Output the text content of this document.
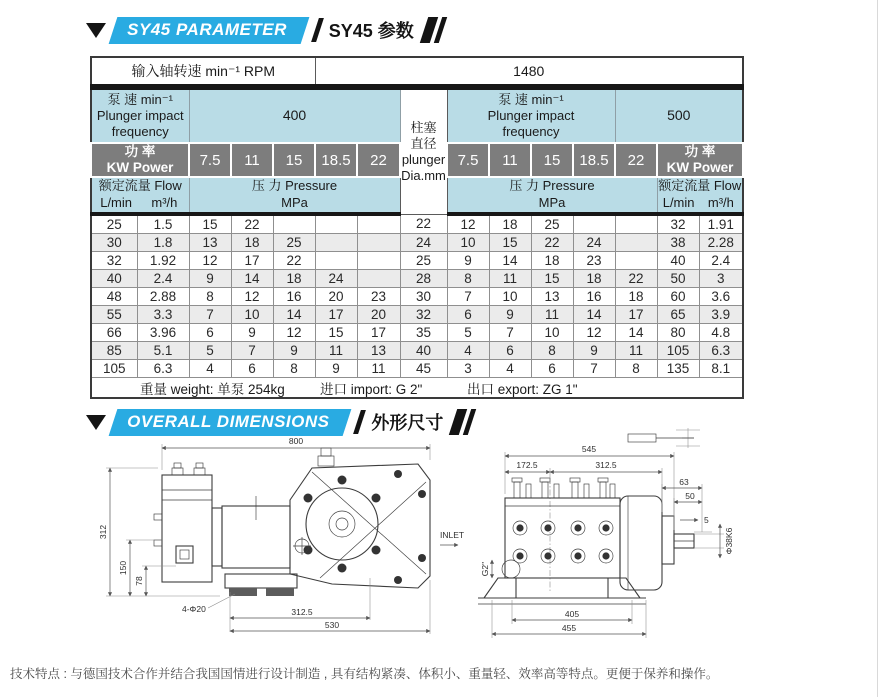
SY45 PARAMETER	SY45 参数
输入轴转速 min⁻¹ RPM					1480									

泵 速 min⁻¹
Plunger impact
frequency
	400	
柱塞
直径
plunger
Dia.mm

泵 速 min⁻¹
Plunger impact
frequency
	500

功 率
KW Power	7.5	11	15	18.5	22	7.5	11	15	18.5	22	
功 率
KW Power

额定流量 Flow
L/min	m³/h

压 力 Pressure
MPa

压 力 Pressure
MPa

额定流量 Flow
L/min	m³/h

25	1.5	15	22				22	12	18	25			32	1.91
30	1.8	13	18	25			24	10	15	22	24		38	2.28
32	1.92	12	17	22			25	9	14	18	23		40	2.4
40	2.4	9	14	18	24		28	8	11	15	18	22	50	3
48	2.88	8	12	16	20	23	30	7	10	13	16	18	60	3.6
55	3.3	7	10	14	17	20	32	6	9	11	14	17	65	3.9
66	3.96	6	9	12	15	17	35	5	7	10	12	14	80	4.8
85	5.1	5	7	9	11	13	40	4	6	8	9	11	105	6.3
105	6.3	4	6	8	9	11	45	3	4	6	7	8	135	8.1

重量 weight: 单泵 254kg 进口 import: G 2" 出口 export: ZG 1"														
OVERALL DIMENSIONS	外形尺寸
800
312
150
78
4-Φ20	312.5
530
INLET
545
172.5	312.5
63
50
5
Φ38K6
G2"
405
455
技术特点 : 与德国技术合作并结合我国国情进行设计制造 , 具有结构紧凑、体积小、重量轻、效率高等特点。更便于保养和操作。
